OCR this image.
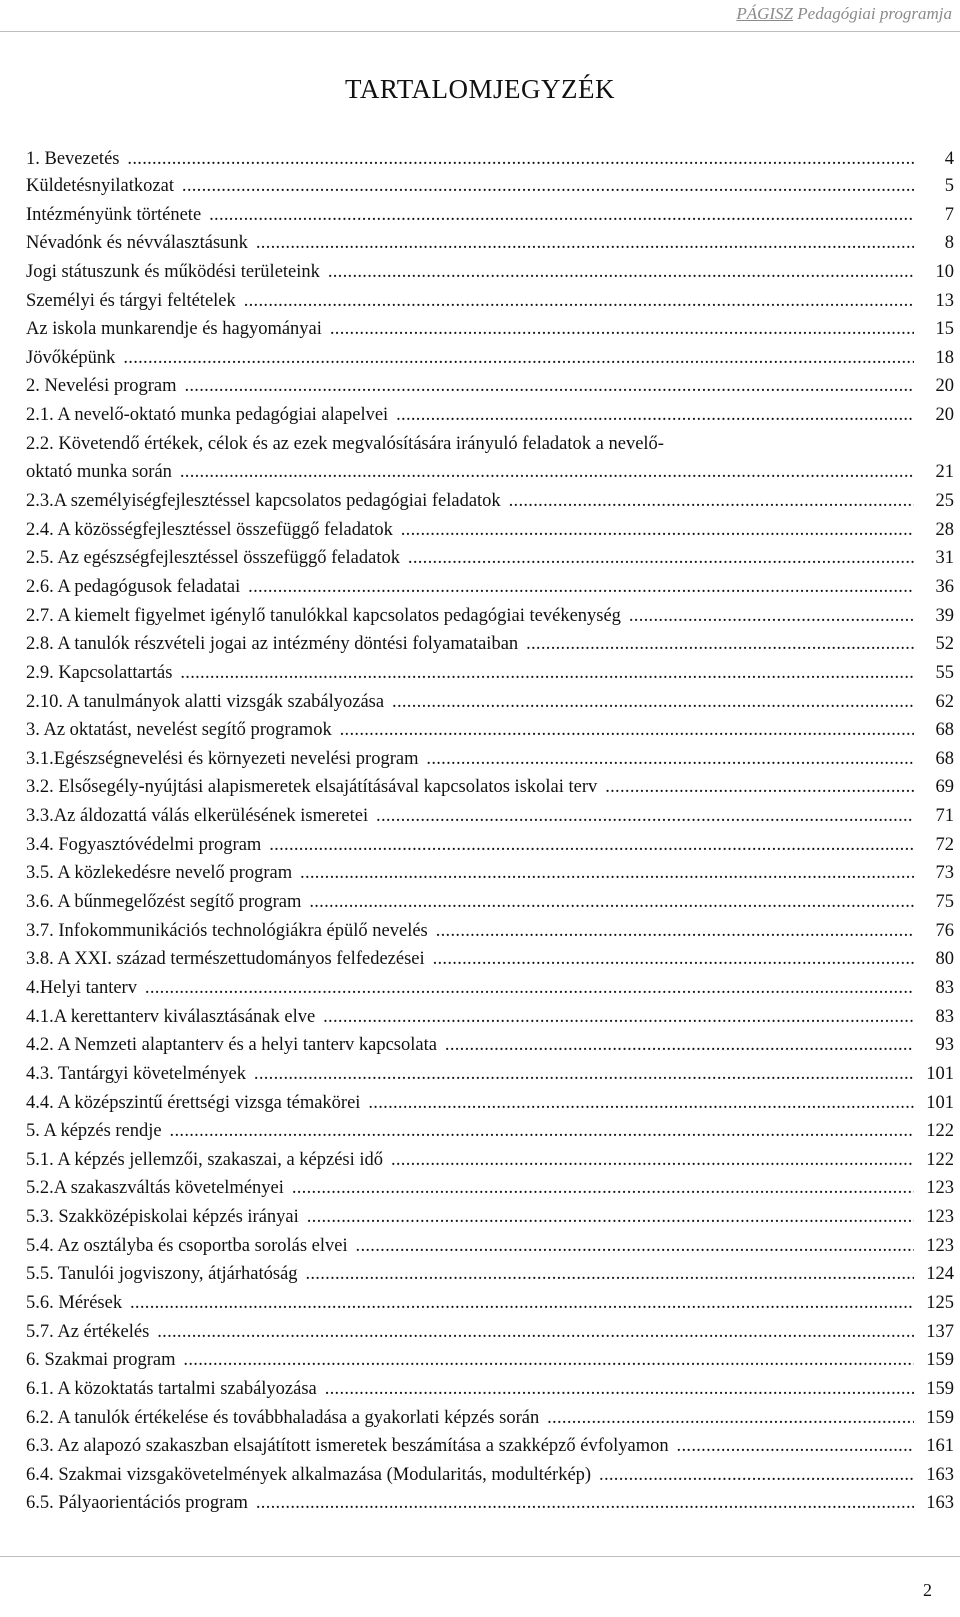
PÁGISZ Pedagógiai programja
TARTALOMJEGYZÉK
1. Bevezetés .....	4
Küldetésnyilatkozat .....	5
Intézményünk története .....	7
Névadónk és névválasztásunk .....	8
Jogi státuszunk és működési területeink .....	10
Személyi és tárgyi feltételek .....	13
Az iskola munkarendje és hagyományai .....	15
Jövőképünk .....	18
2. Nevelési program .....	20
2.1. A nevelő-oktató munka pedagógiai alapelvei .....	20
2.2. Követendő értékek, célok és az ezek megvalósítására irányuló feladatok a nevelő-
oktató munka során .....	21
2.3.A személyiségfejlesztéssel kapcsolatos pedagógiai feladatok .....	25
2.4. A közösségfejlesztéssel összefüggő feladatok .....	28
2.5. Az egészségfejlesztéssel összefüggő feladatok .....	31
2.6. A pedagógusok feladatai .....	36
2.7. A kiemelt figyelmet igénylő tanulókkal kapcsolatos pedagógiai tevékenység .....	39
2.8. A tanulók részvételi jogai az intézmény döntési folyamataiban .....	52
2.9. Kapcsolattartás .....	55
2.10. A tanulmányok alatti vizsgák szabályozása .....	62
3. Az oktatást, nevelést segítő programok .....	68
3.1.Egészségnevelési és környezeti nevelési program .....	68
3.2. Elsősegély-nyújtási alapismeretek elsajátításával kapcsolatos iskolai terv .....	69
3.3.Az áldozattá válás elkerülésének ismeretei .....	71
3.4. Fogyasztóvédelmi program .....	72
3.5. A közlekedésre nevelő program .....	73
3.6. A bűnmegelőzést segítő program .....	75
3.7. Infokommunikációs technológiákra épülő nevelés .....	76
3.8. A XXI. század természettudományos felfedezései .....	80
4.Helyi tanterv .....	83
4.1.A kerettanterv kiválasztásának elve .....	83
4.2. A Nemzeti alaptanterv és a helyi tanterv kapcsolata .....	93
4.3. Tantárgyi követelmények .....	101
4.4. A középszintű érettségi vizsga témakörei .....	101
5. A képzés rendje .....	122
5.1. A képzés jellemzői, szakaszai, a képzési idő .....	122
5.2.A szakaszváltás követelményei .....	123
5.3. Szakközépiskolai képzés irányai .....	123
5.4. Az osztályba és csoportba sorolás elvei .....	123
5.5. Tanulói jogviszony, átjárhatóság .....	124
5.6. Mérések .....	125
5.7. Az értékelés .....	137
6. Szakmai program .....	159
6.1. A közoktatás tartalmi szabályozása .....	159
6.2. A tanulók értékelése és továbbhaladása a gyakorlati képzés során .....	159
6.3. Az alapozó szakaszban elsajátított ismeretek beszámítása a szakképző évfolyamon .....	161
6.4. Szakmai vizsgakövetelmények alkalmazása (Modularitás, modultérkép) .....	163
6.5. Pályaorientációs program .....	163
2
